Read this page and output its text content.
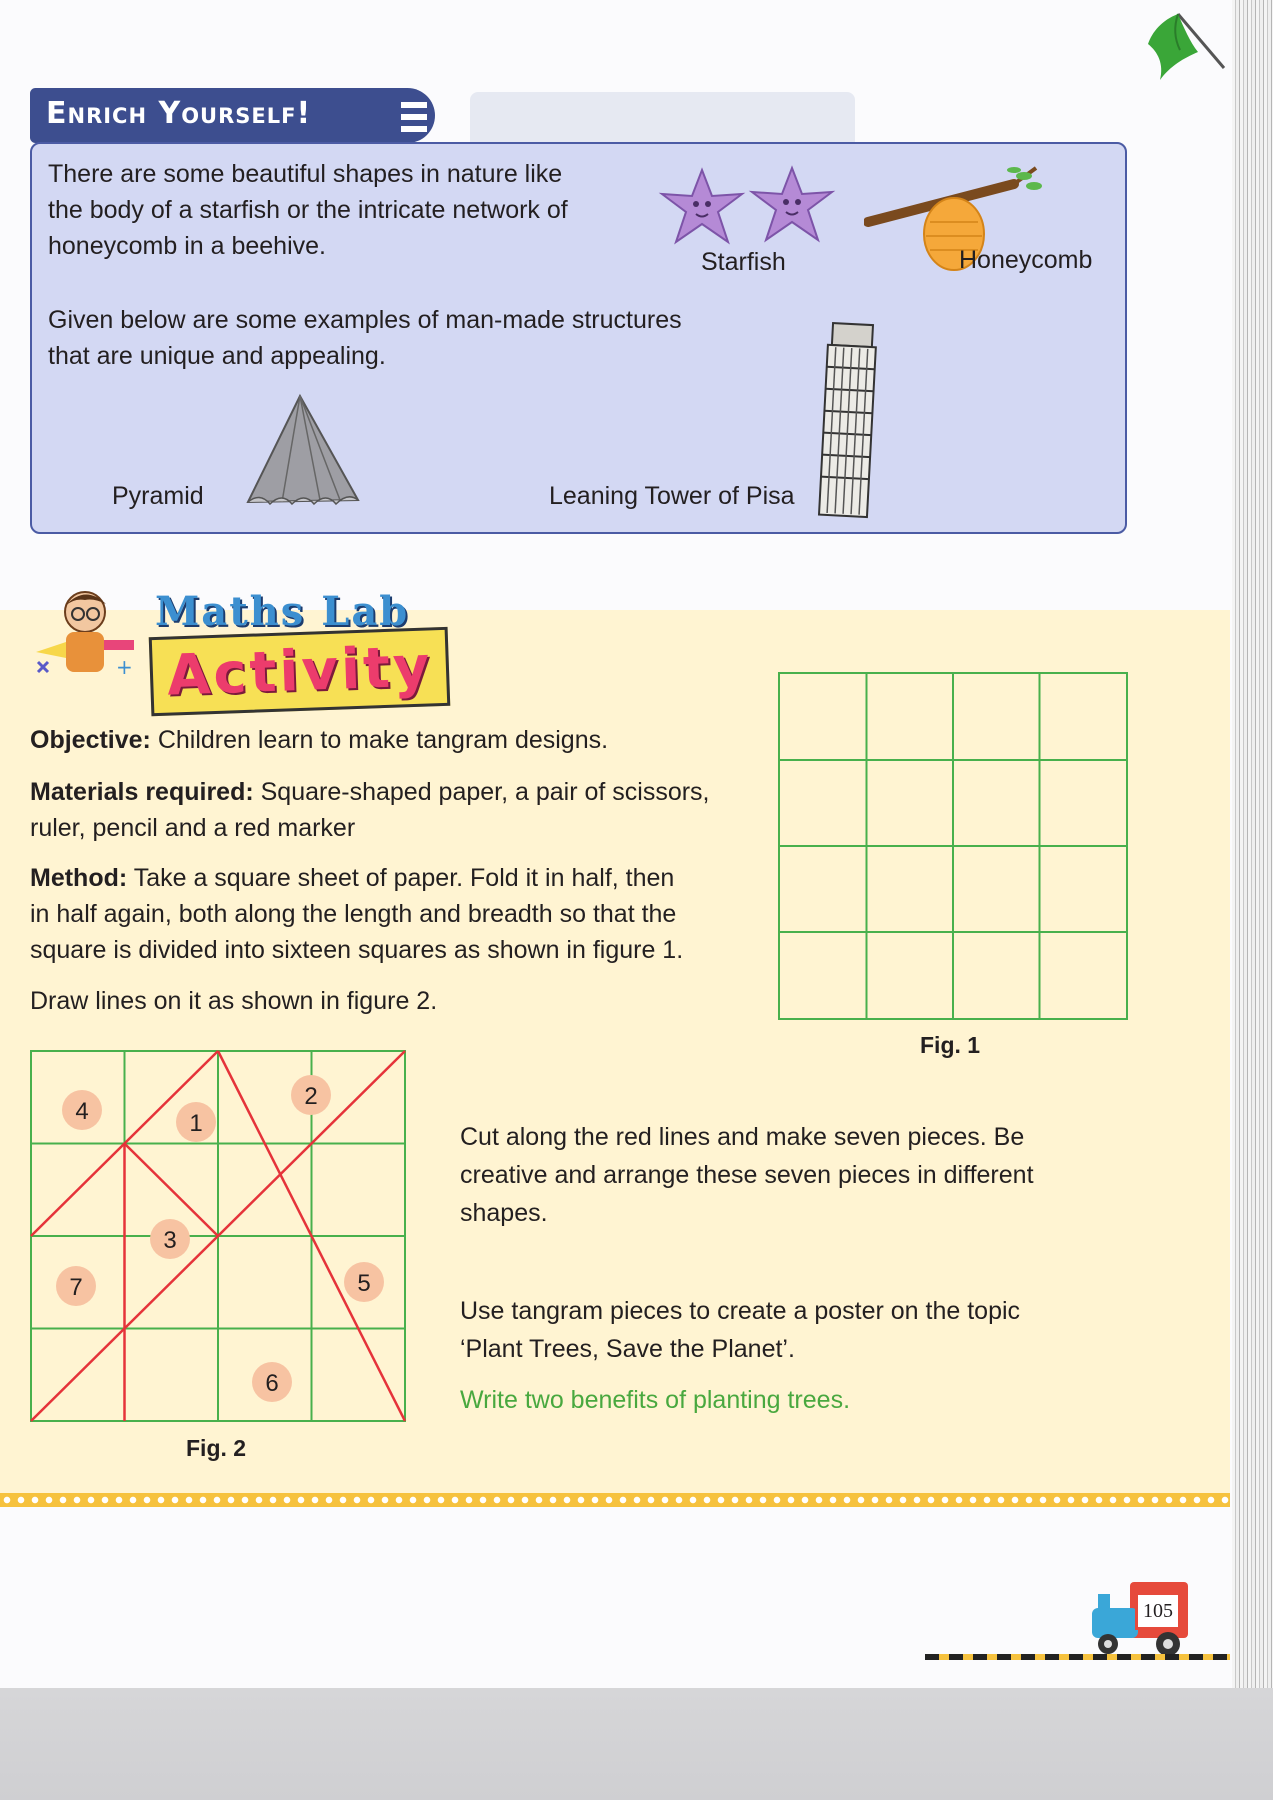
Enrich Yourself!
There are some beautiful shapes in nature like
the body of a starfish or the intricate network of
honeycomb in a beehive.
Starfish	Honeycomb
Given below are some examples of man-made structures
that are unique and appealing.
Pyramid	Leaning Tower of Pisa
+
Maths Lab
Activity
Objective: Children learn to make tangram designs.
Materials required: Square-shaped paper, a pair of scissors,
ruler, pencil and a red marker
Method: Take a square sheet of paper. Fold it in half, then
in half again, both along the length and breadth so that the
square is divided into sixteen squares as shown in figure 1.
Draw lines on it as shown in figure 2.
Fig. 1
1
2
3
4
5
6
7
Fig. 2
Cut along the red lines and make seven pieces. Be
creative and arrange these seven pieces in different
shapes.
Use tangram pieces to create a poster on the topic
‘Plant Trees, Save the Planet’.
Write two benefits of planting trees.
105
